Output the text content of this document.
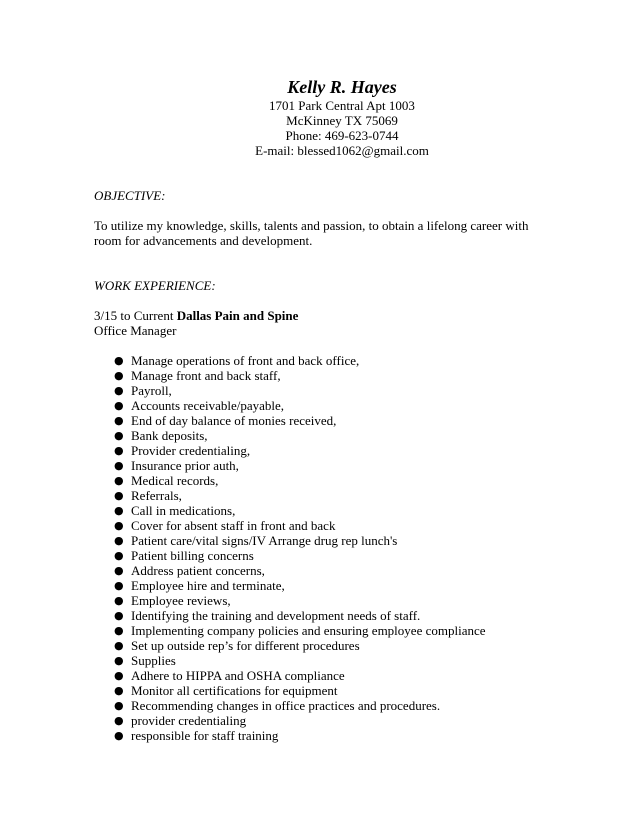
Kelly R. Hayes
1701 Park Central Apt 1003
McKinney TX 75069
Phone: 469-623-0744
E-mail: blessed1062@gmail.com
OBJECTIVE:
To utilize my knowledge, skills, talents and passion, to obtain a lifelong career with room for advancements and development.
WORK EXPERIENCE:
3/15 to Current Dallas Pain and Spine
Office Manager
● Manage operations of front and back office,
● Manage front and back staff,
● Payroll,
● Accounts receivable/payable,
● End of day balance of monies received,
● Bank deposits,
● Provider credentialing,
● Insurance prior auth,
● Medical records,
● Referrals,
● Call in medications,
● Cover for absent staff in front and back
● Patient care/vital signs/IV Arrange drug rep lunch's
● Patient billing concerns
● Address patient concerns,
● Employee hire and terminate,
● Employee reviews,
● Identifying the training and development needs of staff.
● Implementing company policies and ensuring employee compliance
● Set up outside rep’s for different procedures
● Supplies
● Adhere to HIPPA and OSHA compliance
● Monitor all certifications for equipment
● Recommending changes in office practices and procedures.
● provider credentialing
● responsible for staff training
